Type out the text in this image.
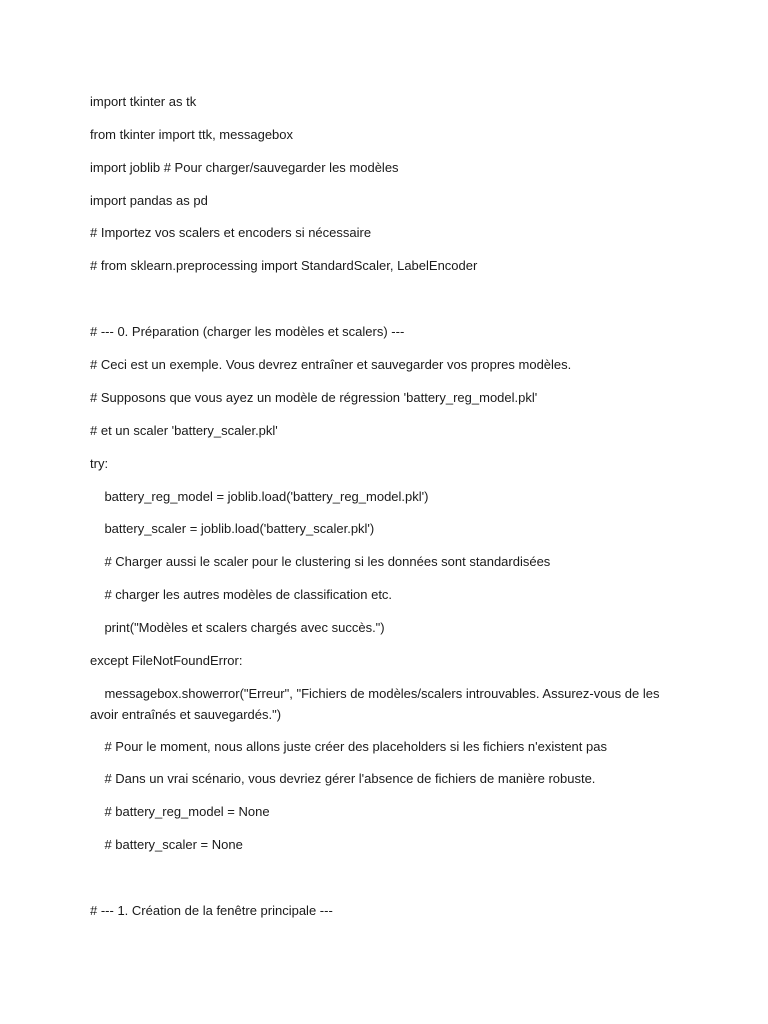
import tkinter as tk

from tkinter import ttk, messagebox

import joblib # Pour charger/sauvegarder les modèles

import pandas as pd

# Importez vos scalers et encoders si nécessaire

# from sklearn.preprocessing import StandardScaler, LabelEncoder

# --- 0. Préparation (charger les modèles et scalers) ---

# Ceci est un exemple. Vous devrez entraîner et sauvegarder vos propres modèles.

# Supposons que vous ayez un modèle de régression 'battery_reg_model.pkl'

# et un scaler 'battery_scaler.pkl'

try:

battery_reg_model = joblib.load('battery_reg_model.pkl')

battery_scaler = joblib.load('battery_scaler.pkl')

# Charger aussi le scaler pour le clustering si les données sont standardisées

# charger les autres modèles de classification etc.

print("Modèles et scalers chargés avec succès.")

except FileNotFoundError:

messagebox.showerror("Erreur", "Fichiers de modèles/scalers introuvables. Assurez-vous de les avoir entraînés et sauvegardés.")

# Pour le moment, nous allons juste créer des placeholders si les fichiers n'existent pas

# Dans un vrai scénario, vous devriez gérer l'absence de fichiers de manière robuste.

# battery_reg_model = None

# battery_scaler = None

# --- 1. Création de la fenêtre principale ---
